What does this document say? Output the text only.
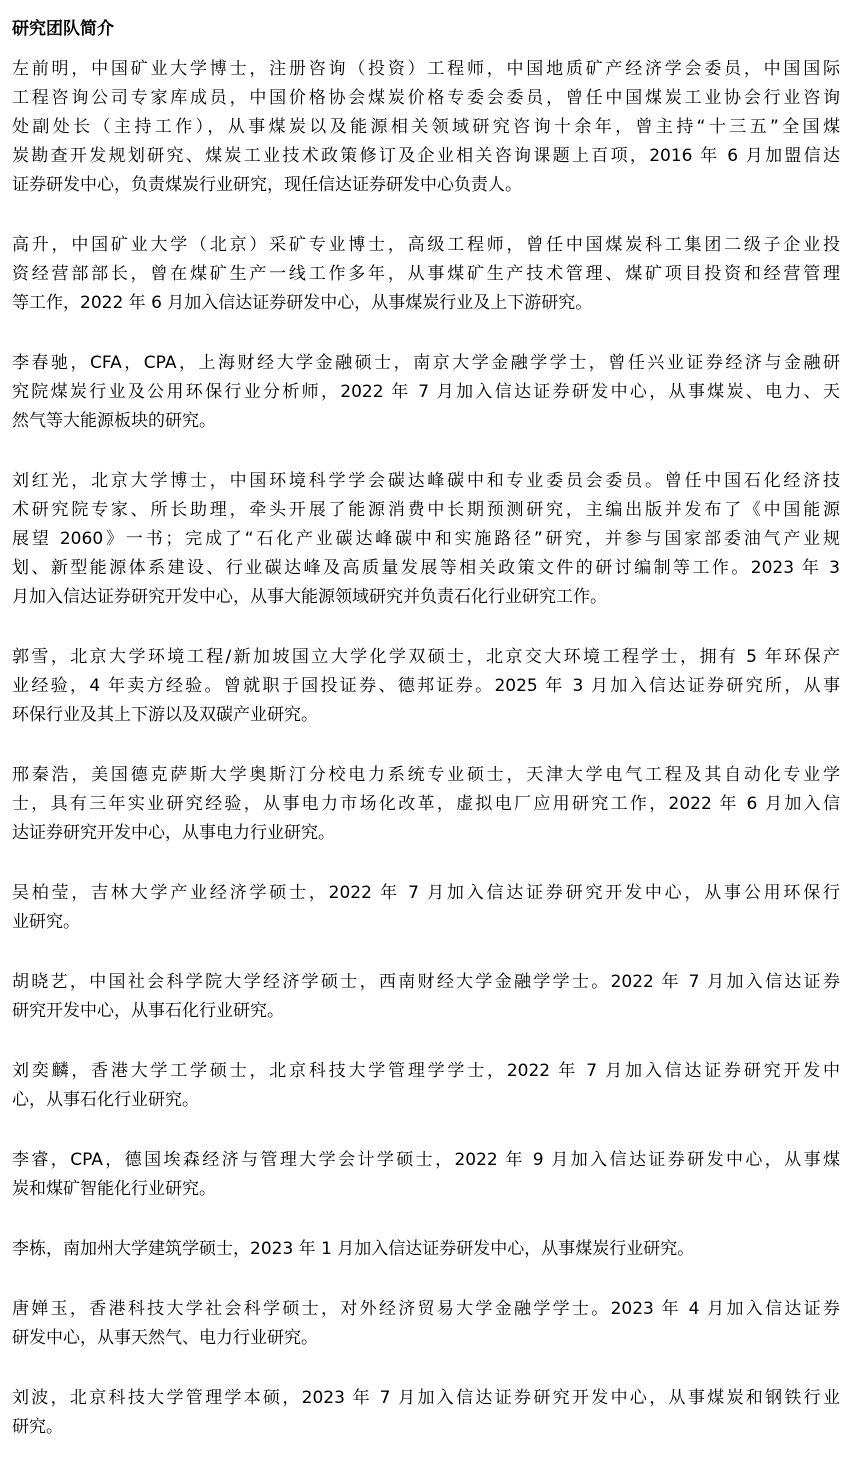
研究团队简介
左前明，中国矿业大学博士，注册咨询（投资）工程师，中国地质矿产经济学会委员，中国国际
工程咨询公司专家库成员，中国价格协会煤炭价格专委会委员，曾任中国煤炭工业协会行业咨询
处副处长（主持工作），从事煤炭以及能源相关领域研究咨询十余年，曾主持“十三五”全国煤
炭勘查开发规划研究、煤炭工业技术政策修订及企业相关咨询课题上百项，2016 年 6 月加盟信达
证券研发中心，负责煤炭行业研究，现任信达证券研发中心负责人。
高升，中国矿业大学（北京）采矿专业博士，高级工程师，曾任中国煤炭科工集团二级子企业投
资经营部部长，曾在煤矿生产一线工作多年，从事煤矿生产技术管理、煤矿项目投资和经营管理
等工作，2022 年 6 月加入信达证券研发中心，从事煤炭行业及上下游研究。
李春驰，CFA，CPA，上海财经大学金融硕士，南京大学金融学学士，曾任兴业证券经济与金融研
究院煤炭行业及公用环保行业分析师，2022 年 7 月加入信达证券研发中心，从事煤炭、电力、天
然气等大能源板块的研究。
刘红光，北京大学博士，中国环境科学学会碳达峰碳中和专业委员会委员。曾任中国石化经济技
术研究院专家、所长助理，牵头开展了能源消费中长期预测研究，主编出版并发布了《中国能源
展望 2060》一书；完成了“石化产业碳达峰碳中和实施路径”研究，并参与国家部委油气产业规
划、新型能源体系建设、行业碳达峰及高质量发展等相关政策文件的研讨编制等工作。2023 年 3
月加入信达证券研究开发中心，从事大能源领域研究并负责石化行业研究工作。
郭雪，北京大学环境工程/新加坡国立大学化学双硕士，北京交大环境工程学士，拥有 5 年环保产
业经验，4 年卖方经验。曾就职于国投证券、德邦证券。2025 年 3 月加入信达证券研究所，从事
环保行业及其上下游以及双碳产业研究。
邢秦浩，美国德克萨斯大学奥斯汀分校电力系统专业硕士，天津大学电气工程及其自动化专业学
士，具有三年实业研究经验，从事电力市场化改革，虚拟电厂应用研究工作，2022 年 6 月加入信
达证券研究开发中心，从事电力行业研究。
吴柏莹，吉林大学产业经济学硕士，2022 年 7 月加入信达证券研究开发中心，从事公用环保行
业研究。
胡晓艺，中国社会科学院大学经济学硕士，西南财经大学金融学学士。2022 年 7 月加入信达证券
研究开发中心，从事石化行业研究。
刘奕麟，香港大学工学硕士，北京科技大学管理学学士，2022 年 7 月加入信达证券研究开发中
心，从事石化行业研究。
李睿，CPA，德国埃森经济与管理大学会计学硕士，2022 年 9 月加入信达证券研发中心，从事煤
炭和煤矿智能化行业研究。
李栋，南加州大学建筑学硕士，2023 年 1 月加入信达证券研发中心，从事煤炭行业研究。
唐婵玉，香港科技大学社会科学硕士，对外经济贸易大学金融学学士。2023 年 4 月加入信达证券
研发中心，从事天然气、电力行业研究。
刘波，北京科技大学管理学本硕，2023 年 7 月加入信达证券研究开发中心，从事煤炭和钢铁行业
研究。
